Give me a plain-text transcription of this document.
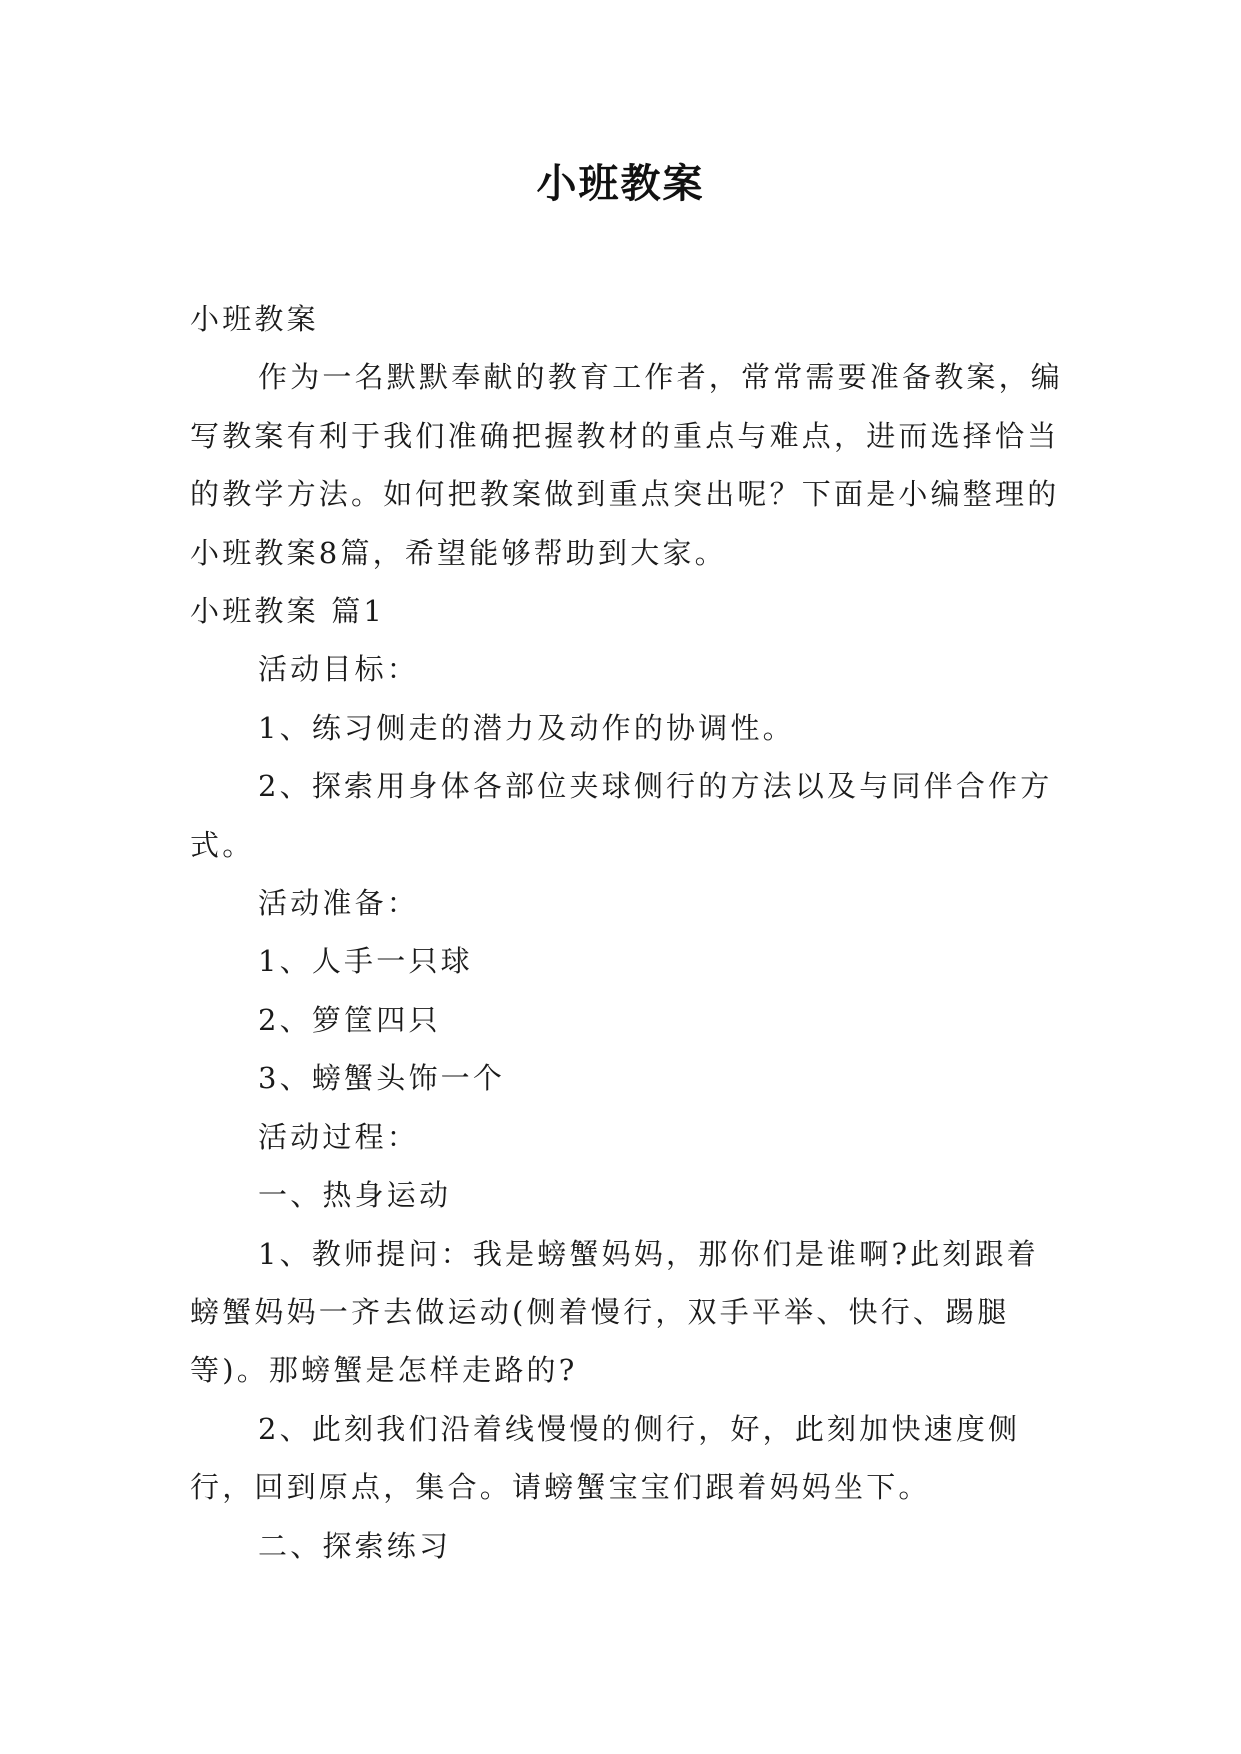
小班教案

小班教案

作为一名默默奉献的教育工作者，常常需要准备教案，编写教案有利于我们准确把握教材的重点与难点，进而选择恰当的教学方法。如何把教案做到重点突出呢？下面是小编整理的小班教案8篇，希望能够帮助到大家。

小班教案 篇1

活动目标：

1、练习侧走的潜力及动作的协调性。

2、探索用身体各部位夹球侧行的方法以及与同伴合作方式。

活动准备：

1、人手一只球

2、箩筐四只

3、螃蟹头饰一个

活动过程：

一、热身运动

1、教师提问：我是螃蟹妈妈，那你们是谁啊?此刻跟着螃蟹妈妈一齐去做运动(侧着慢行，双手平举、快行、踢腿等)。那螃蟹是怎样走路的?

2、此刻我们沿着线慢慢的侧行，好，此刻加快速度侧行，回到原点，集合。请螃蟹宝宝们跟着妈妈坐下。

二、探索练习
